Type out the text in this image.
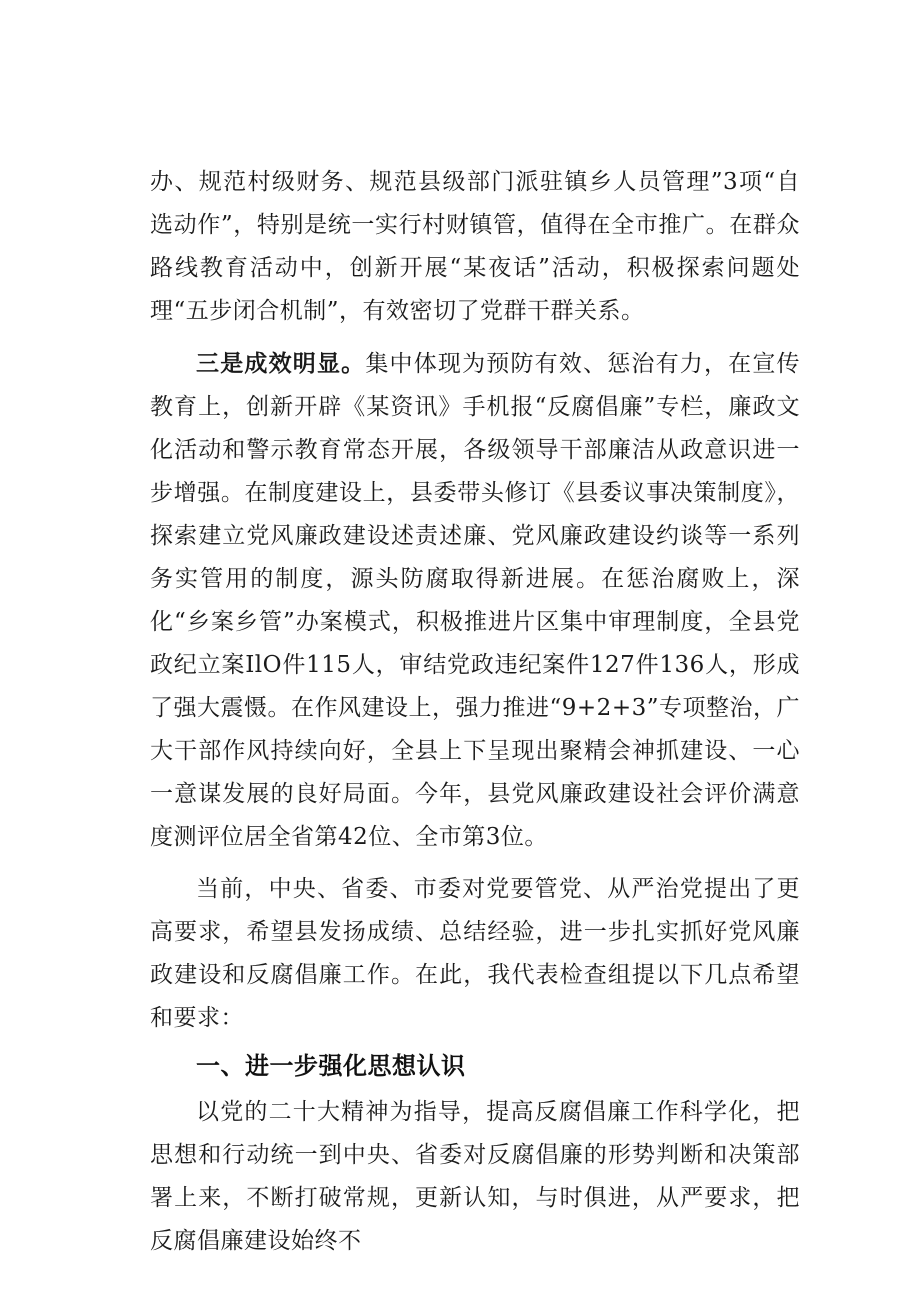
办、规范村级财务、规范县级部门派驻镇乡人员管理”3项“自选动作”，特别是统一实行村财镇管，值得在全市推广。在群众路线教育活动中，创新开展“某夜话”活动，积极探索问题处理“五步闭合机制”，有效密切了党群干群关系。

三是成效明显。集中体现为预防有效、惩治有力，在宣传教育上，创新开辟《某资讯》手机报“反腐倡廉”专栏，廉政文化活动和警示教育常态开展，各级领导干部廉洁从政意识进一步增强。在制度建设上，县委带头修订《县委议事决策制度》，探索建立党风廉政建设述责述廉、党风廉政建设约谈等一系列务实管用的制度，源头防腐取得新进展。在惩治腐败上，深化“乡案乡管”办案模式，积极推进片区集中审理制度，全县党政纪立案IlO件115人，审结党政违纪案件127件136人，形成了强大震慑。在作风建设上，强力推进“9+2+3”专项整治，广大干部作风持续向好，全县上下呈现出聚精会神抓建设、一心一意谋发展的良好局面。今年，县党风廉政建设社会评价满意度测评位居全省第42位、全市第3位。

当前，中央、省委、市委对党要管党、从严治党提出了更高要求，希望县发扬成绩、总结经验，进一步扎实抓好党风廉政建设和反腐倡廉工作。在此，我代表检查组提以下几点希望和要求：

一、进一步强化思想认识

以党的二十大精神为指导，提高反腐倡廉工作科学化，把思想和行动统一到中央、省委对反腐倡廉的形势判断和决策部署上来，不断打破常规，更新认知，与时俱进，从严要求，把反腐倡廉建设始终不
